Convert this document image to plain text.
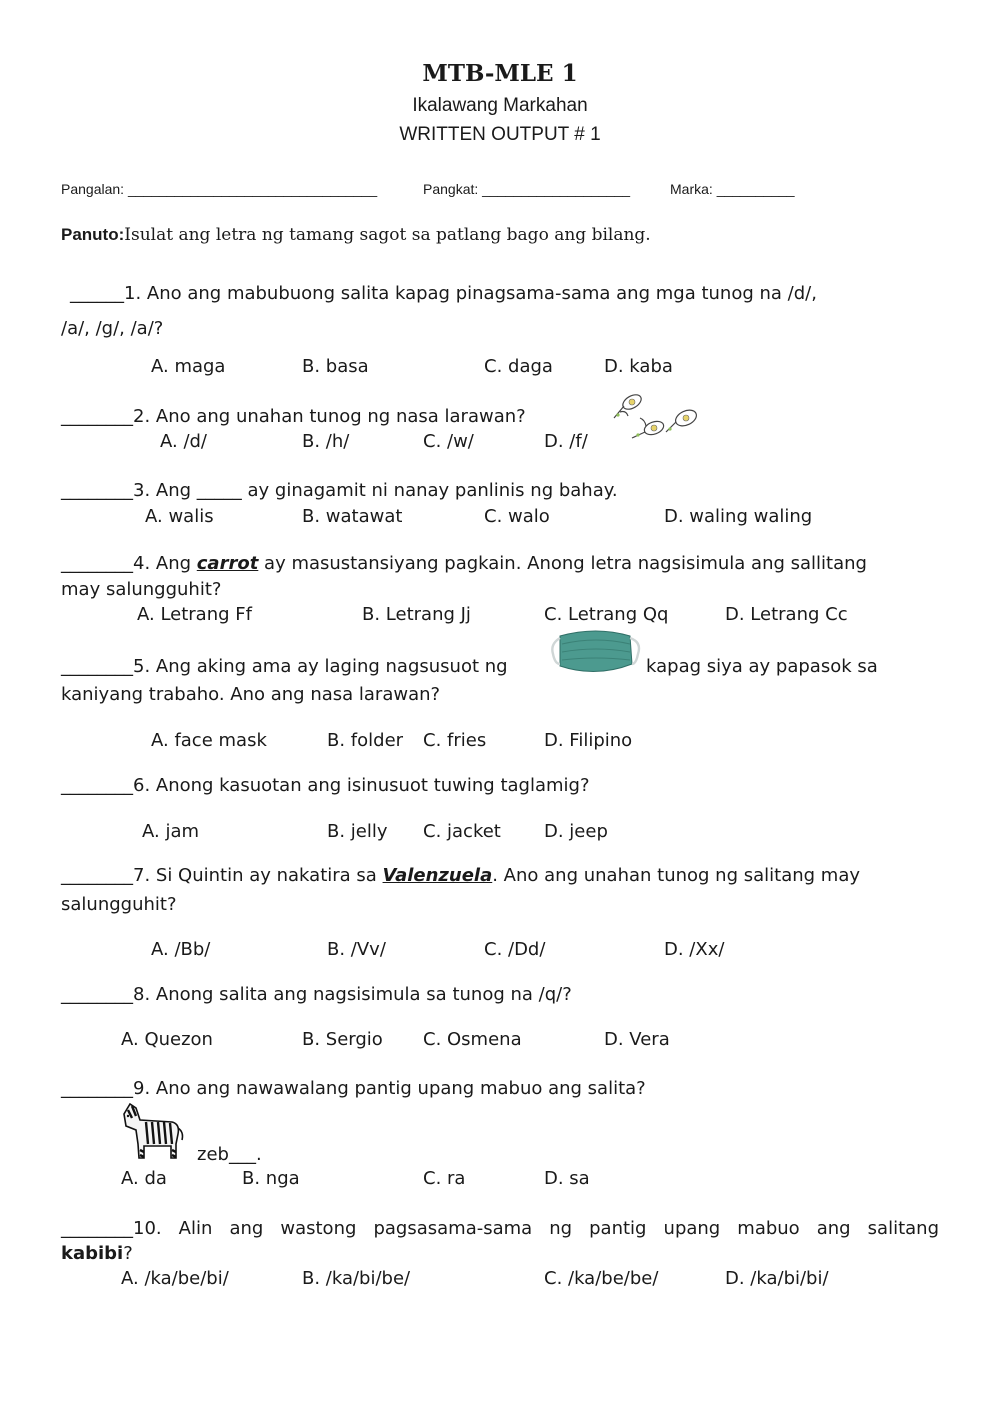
MTB-MLE 1
Ikalawang Markahan
WRITTEN OUTPUT # 1
Pangalan: ________________________________	Pangkat: ___________________	Marka: __________
Panuto:Isulat ang letra ng tamang sagot sa patlang bago ang bilang.
______1. Ano ang mabubuong salita kapag pinagsama-sama ang mga tunog na /d/,
/a/, /g/, /a/?
A. maga	B. basa	C. daga	D. kaba
________2. Ano ang unahan tunog ng nasa larawan?
A. /d/	B. /h/	C. /w/	D. /f/
________3. Ang _____ ay ginagamit ni nanay panlinis ng bahay.
A. walis	B. watawat	C. walo	D. waling waling
________4. Ang carrot ay masustansiyang pagkain. Anong letra nagsisimula ang sallitang
may salungguhit?
A. Letrang Ff	B. Letrang Jj	C. Letrang Qq	D. Letrang Cc
________5. Ang aking ama ay laging nagsusuot ng	kapag siya ay papasok sa
kaniyang trabaho. Ano ang nasa larawan?
A. face mask	B. folder C. fries	D. Filipino
________6. Anong kasuotan ang isinusuot tuwing taglamig?
A. jam	B. jelly C. jacket D. jeep
________7. Si Quintin ay nakatira sa Valenzuela. Ano ang unahan tunog ng salitang may
salungguhit?
A. /Bb/	B. /Vv/	C. /Dd/	D. /Xx/
________8. Anong salita ang nagsisimula sa tunog na /q/?
A. Quezon	B. Sergio C. Osmena	D. Vera
________9. Ano ang nawawalang pantig upang mabuo ang salita?
zeb___.
A. da	B. nga	C. ra	D. sa
________10. Alin ang wastong pagsasama-sama ng pantig upang mabuo ang salitang
kabibi?
A. /ka/be/bi/	B. /ka/bi/be/	C. /ka/be/be/	D. /ka/bi/bi/
